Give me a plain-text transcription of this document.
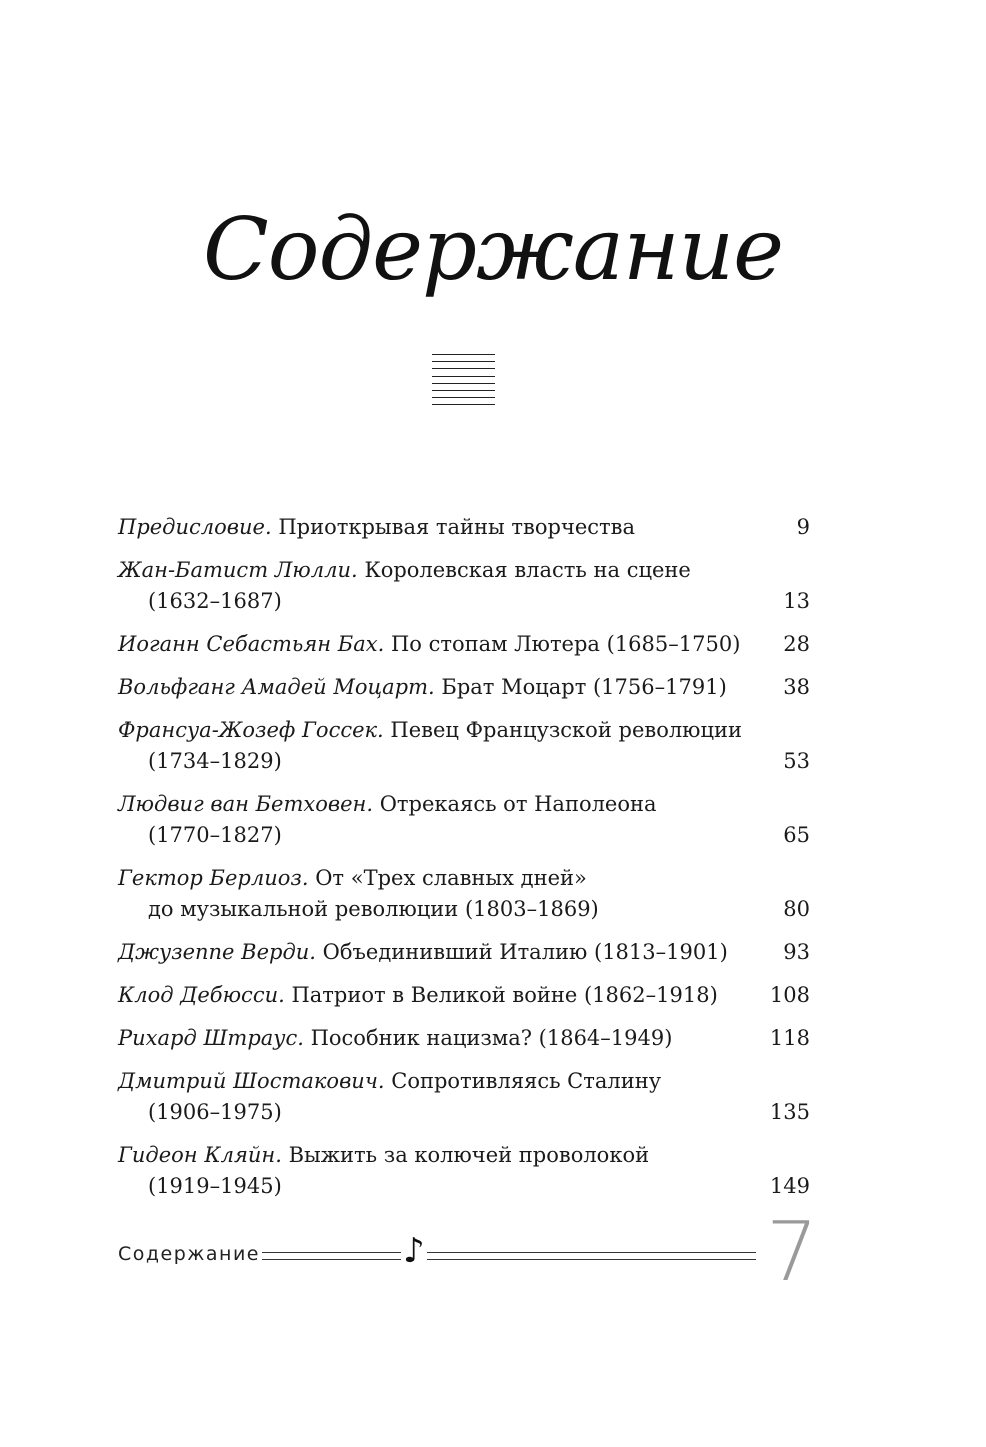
Содержание
Предисловие. Приоткрывая тайны творчества	9
Жан-Батист Люлли. Королевская власть на сцене
(1632–1687)	13
Иоганн Себастьян Бах. По стопам Лютера (1685–1750)	28
Вольфганг Амадей Моцарт. Брат Моцарт (1756–1791)	38
Франсуа-Жозеф Госсек. Певец Французской революции
(1734–1829)	53
Людвиг ван Бетховен. Отрекаясь от Наполеона
(1770–1827)	65
Гектор Берлиоз. От «Трех славных дней»
до музыкальной революции (1803–1869)	80
Джузеппе Верди. Объединивший Италию (1813–1901)	93
Клод Дебюсси. Патриот в Великой войне (1862–1918)	108
Рихард Штраус. Пособник нацизма? (1864–1949)	118
Дмитрий Шостакович. Сопротивляясь Сталину
(1906–1975)	135
Гидеон Кляйн. Выжить за колючей проволокой
(1919–1945)	149
Содержание	♪	7
